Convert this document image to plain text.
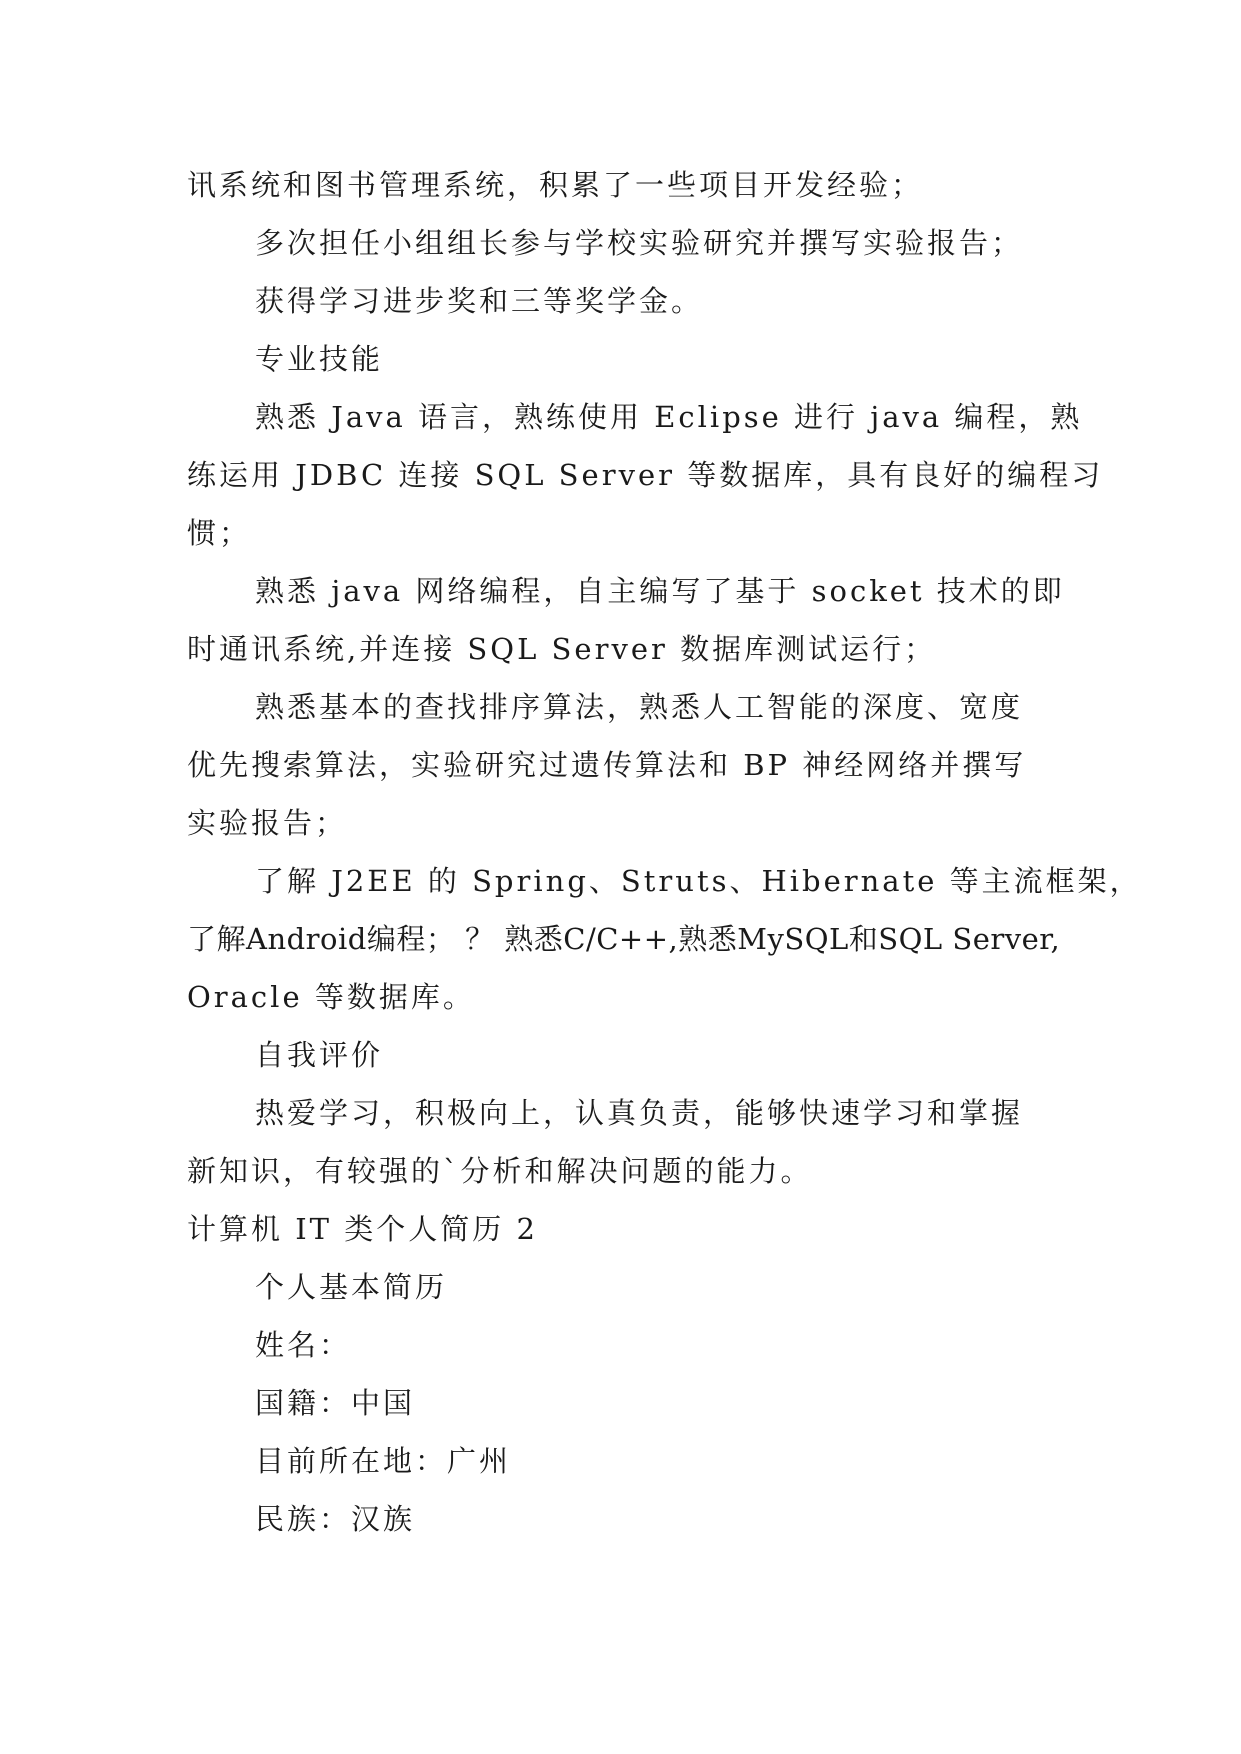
讯系统和图书管理系统，积累了一些项目开发经验；
多次担任小组组长参与学校实验研究并撰写实验报告；
获得学习进步奖和三等奖学金。
专业技能
熟悉 Java 语言，熟练使用 Eclipse 进行 java 编程，熟
练运用 JDBC 连接 SQL Server 等数据库，具有良好的编程习
惯；
熟悉 java 网络编程，自主编写了基于 socket 技术的即
时通讯系统,并连接 SQL Server 数据库测试运行；
熟悉基本的查找排序算法，熟悉人工智能的深度、宽度
优先搜索算法，实验研究过遗传算法和 BP 神经网络并撰写
实验报告；
了解 J2EE 的 Spring、Struts、Hibernate 等主流框架，
了解Android编程； ？ 熟悉C/C++,熟悉MySQL和SQL Server,
Oracle 等数据库。
自我评价
热爱学习，积极向上，认真负责，能够快速学习和掌握
新知识，有较强的`分析和解决问题的能力。
计算机 IT 类个人简历 2
个人基本简历
姓名：
国籍：中国
目前所在地：广州
民族：汉族
